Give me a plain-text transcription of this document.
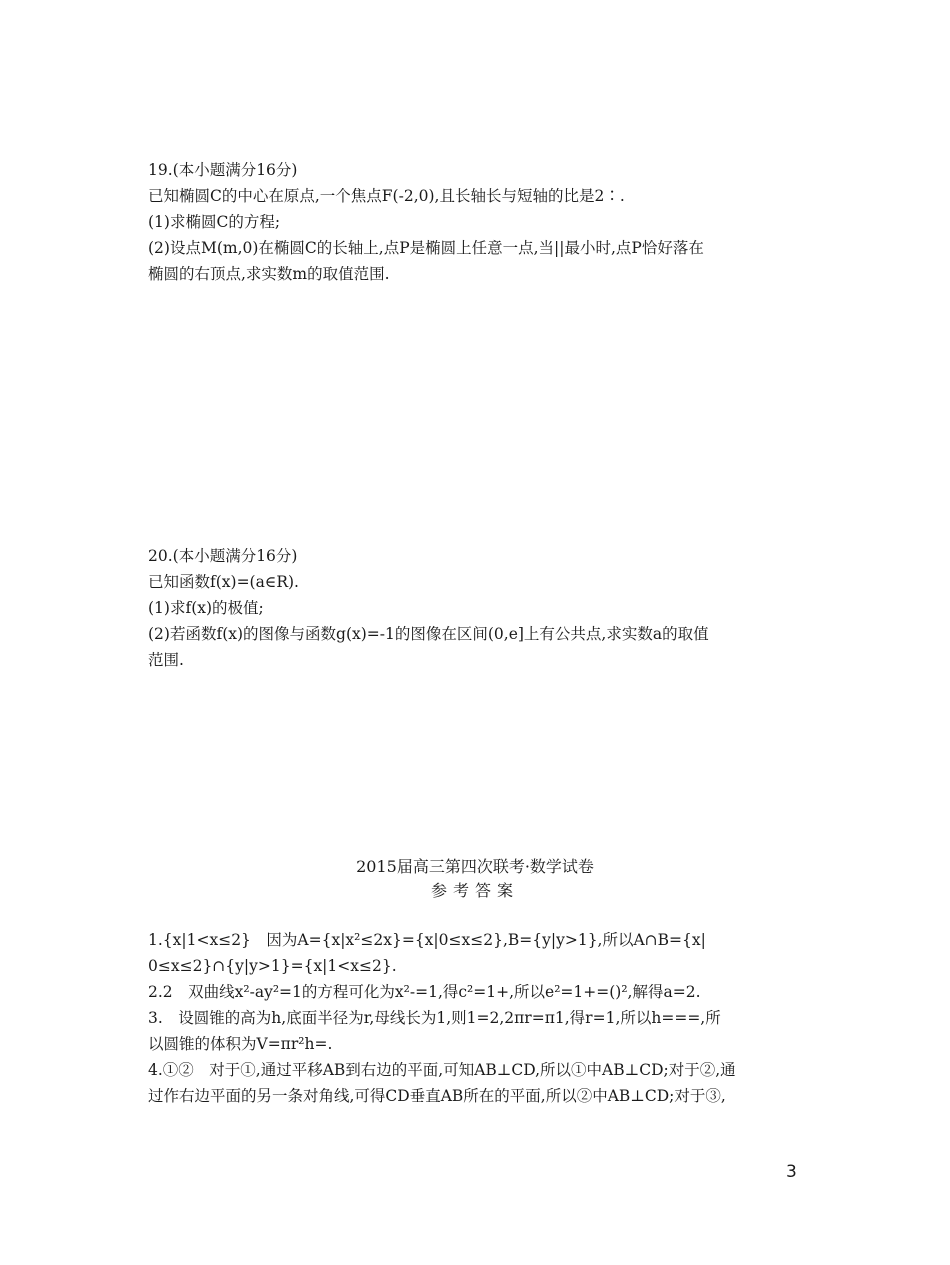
19.(本小题满分16分)
已知椭圆C的中心在原点,一个焦点F(-2,0),且长轴长与短轴的比是2∶.
(1)求椭圆C的方程;
(2)设点M(m,0)在椭圆C的长轴上,点P是椭圆上任意一点,当||最小时,点P恰好落在
椭圆的右顶点,求实数m的取值范围.
20.(本小题满分16分)
已知函数f(x)=(a∈R).
(1)求f(x)的极值;
(2)若函数f(x)的图像与函数g(x)=-1的图像在区间(0,e]上有公共点,求实数a的取值
范围.
2015届高三第四次联考·数学试卷
参考答案
1.{x|1<x≤2}　因为A={x|x²≤2x}={x|0≤x≤2},B={y|y>1},所以A∩B={x|
0≤x≤2}∩{y|y>1}={x|1<x≤2}.
2.2　双曲线x²-ay²=1的方程可化为x²-=1,得c²=1+,所以e²=1+=()²,解得a=2.
3.　设圆锥的高为h,底面半径为r,母线长为1,则1=2,2πr=π1,得r=1,所以h===,所
以圆锥的体积为V=πr²h=.
4.①②　对于①,通过平移AB到右边的平面,可知AB⊥CD,所以①中AB⊥CD;对于②,通
过作右边平面的另一条对角线,可得CD垂直AB所在的平面,所以②中AB⊥CD;对于③,
3
